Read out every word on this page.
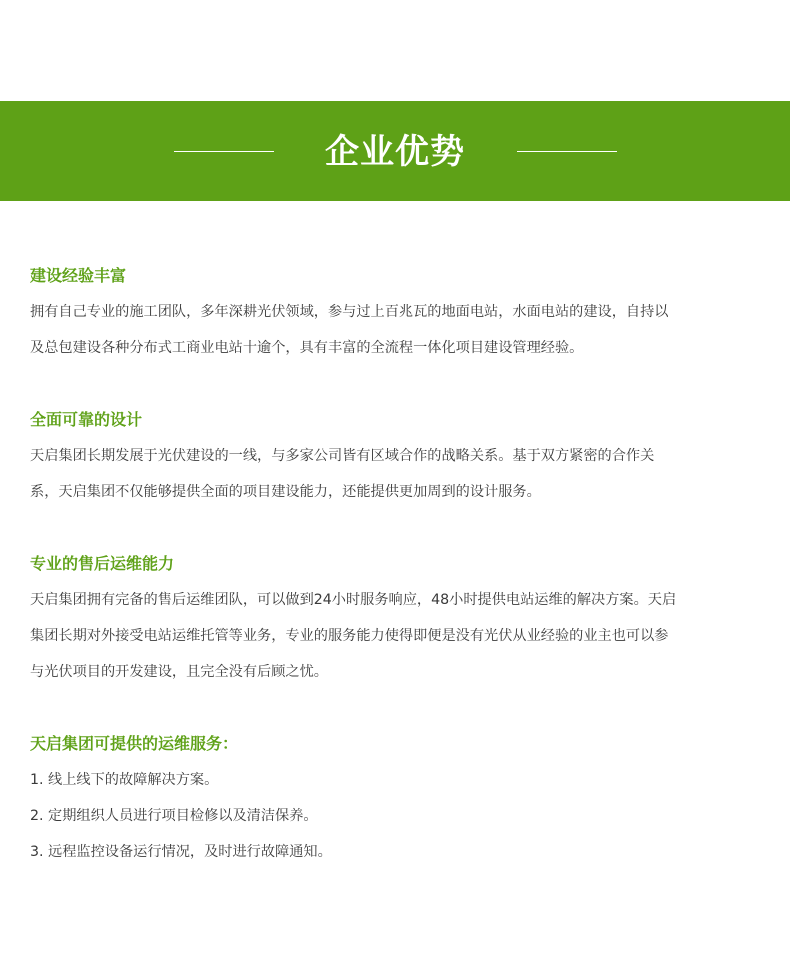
企业优势
建设经验丰富
拥有自己专业的施工团队，多年深耕光伏领域，参与过上百兆瓦的地面电站，水面电站的建设，自持以
及总包建设各种分布式工商业电站十逾个，具有丰富的全流程一体化项目建设管理经验。
全面可靠的设计
天启集团长期发展于光伏建设的一线，与多家公司皆有区域合作的战略关系。基于双方紧密的合作关
系，天启集团不仅能够提供全面的项目建设能力，还能提供更加周到的设计服务。
专业的售后运维能力
天启集团拥有完备的售后运维团队，可以做到24小时服务响应，48小时提供电站运维的解决方案。天启
集团长期对外接受电站运维托管等业务，专业的服务能力使得即便是没有光伏从业经验的业主也可以参
与光伏项目的开发建设，且完全没有后顾之忧。
天启集团可提供的运维服务：
1. 线上线下的故障解决方案。
2. 定期组织人员进行项目检修以及清洁保养。
3. 远程监控设备运行情况，及时进行故障通知。
